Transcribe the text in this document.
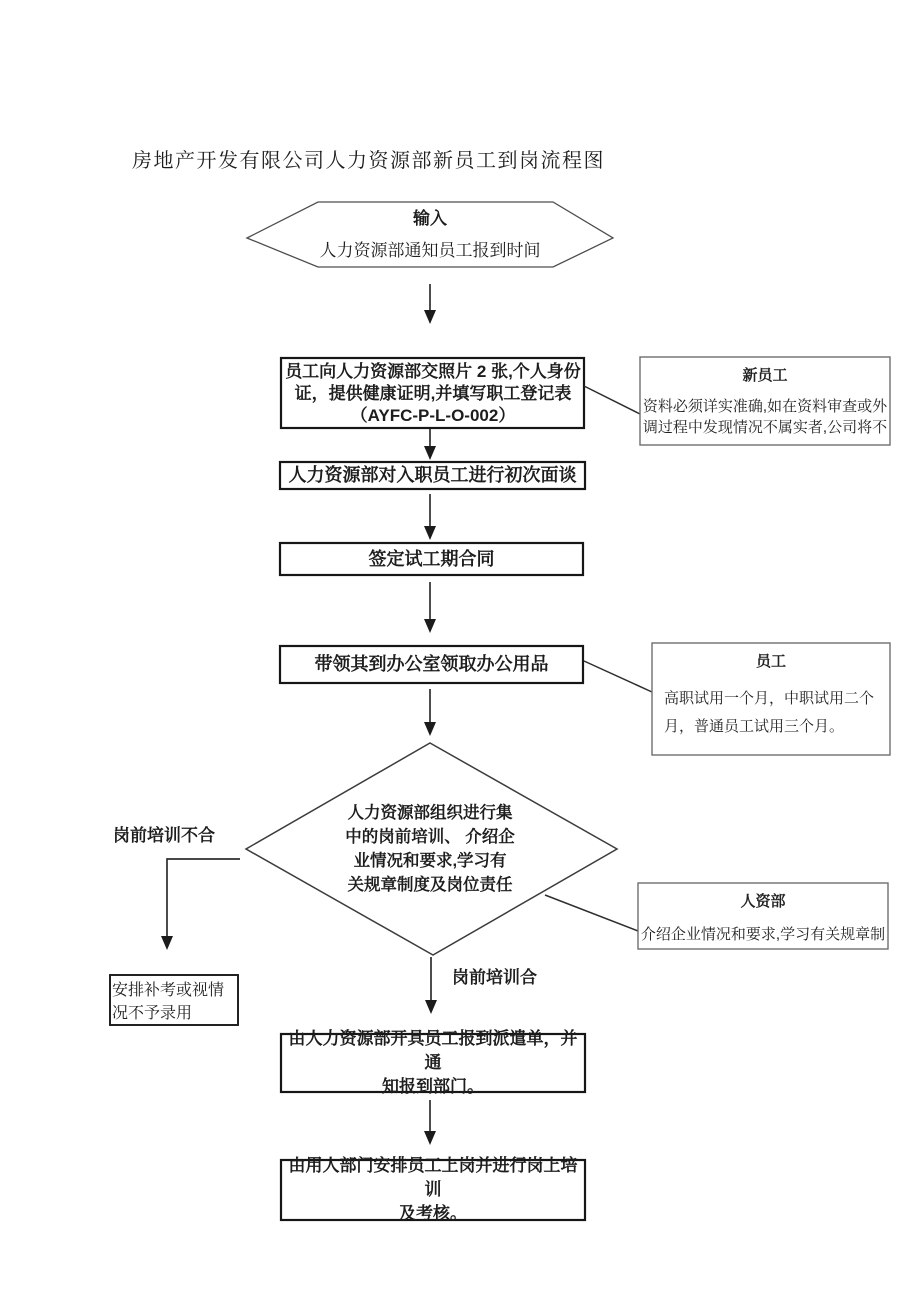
房地产开发有限公司人力资源部新员工到岗流程图
输入
人力资源部通知员工报到时间
员工向人力资源部交照片 2 张,个人身份
证，提供健康证明,并填写职工登记表
（AYFC-P-L-O-002）
新员工
资料必须详实准确,如在资料审查或外
调过程中发现情况不属实者,公司将不
人力资源部对入职员工进行初次面谈
签定试工期合同
带领其到办公室领取办公用品	员工
高职试用一个月，中职试用二个
月，普通员工试用三个月。
人力资源部组织进行集
中的岗前培训、 介绍企
业情况和要求,学习有
关规章制度及岗位责任
岗前培训不合
安排补考或视情
况不予录用
岗前培训合
人资部
介绍企业情况和要求,学习有关规章制
由人力资源部开具员工报到派遣单，并通
知报到部门。
由用人部门安排员工上岗并进行岗上培训
及考核。
